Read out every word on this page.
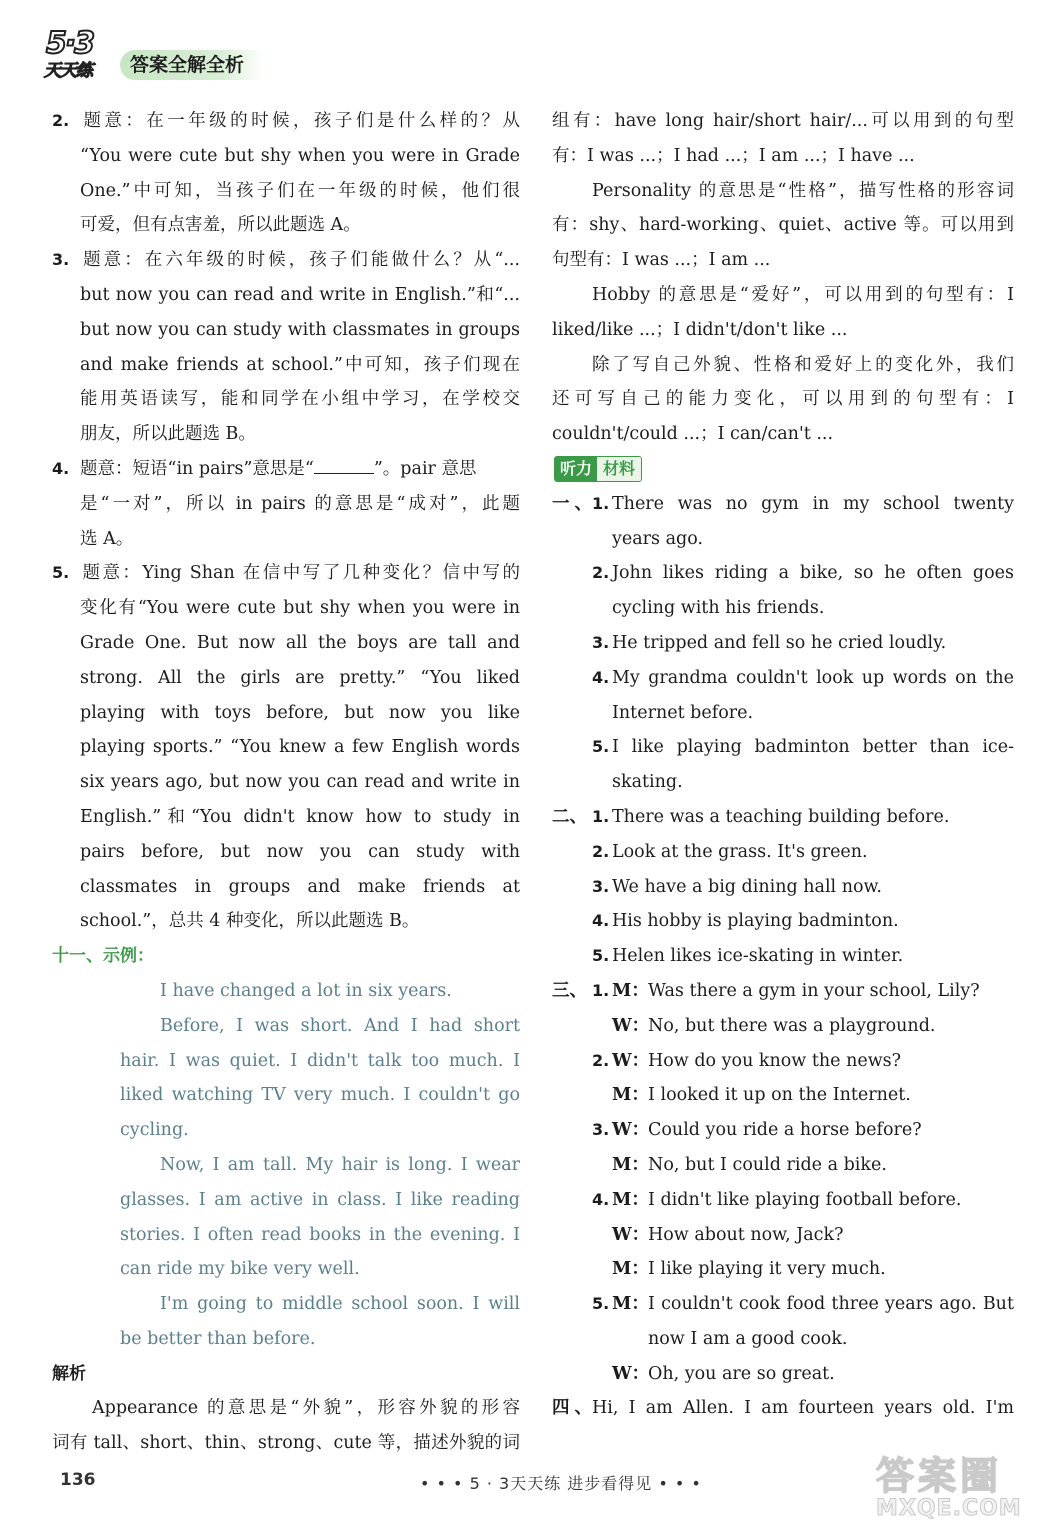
5·3
天天练	答案全解全析
2. 题意：在一年级的时候，孩子们是什么样的？从
“You were cute but shy when you were in Grade
One.”中可知，当孩子们在一年级的时候，他们很
可爱，但有点害羞，所以此题选 A。
3. 题意：在六年级的时候，孩子们能做什么？从“...
but now you can read and write in English.”和“...
but now you can study with classmates in groups
and make friends at school.”中可知，孩子们现在
能用英语读写，能和同学在小组中学习，在学校交
朋友，所以此题选 B。
4. 题意：短语“in pairs”意思是“	”。pair 意思
是“一对”，所以 in pairs 的意思是“成对”，此题
选 A。
5. 题意：Ying Shan 在信中写了几种变化？信中写的
变化有“You were cute but shy when you were in
Grade One. But now all the boys are tall and
strong. All the girls are pretty.” “You liked
playing with toys before, but now you like
playing sports.” “You knew a few English words
six years ago, but now you can read and write in
English.”和“You didn't know how to study in
pairs before, but now you can study with
classmates in groups and make friends at
school.”，总共 4 种变化，所以此题选 B。
十一、示例：
I have changed a lot in six years.
Before, I was short. And I had short
hair. I was quiet. I didn't talk too much. I
liked watching TV very much. I couldn't go
cycling.
Now, I am tall. My hair is long. I wear
glasses. I am active in class. I like reading
stories. I often read books in the evening. I
can ride my bike very well.
I'm going to middle school soon. I will
be better than before.
解析
Appearance 的意思是“外貌”，形容外貌的形容
词有 tall、short、thin、strong、cute 等，描述外貌的词
组有：have long hair/short hair/...可以用到的句型
有：I was ...；I had ...；I am ...；I have ...
Personality 的意思是“性格”，描写性格的形容词
有：shy、hard-working、quiet、active 等。可以用到
句型有：I was ...；I am ...
Hobby 的意思是“爱好”，可以用到的句型有：I
liked/like ...；I didn't/don't like ...
除了写自己外貌、性格和爱好上的变化外，我们
还可写自己的能力变化，可以用到的句型有：I
couldn't/could ...；I can/can't ...
听力 材料
一、1. There was no gym in my school twenty
years ago.
2. John likes riding a bike, so he often goes
cycling with his friends.
3. He tripped and fell so he cried loudly.
4. My grandma couldn't look up words on the
Internet before.
5. I like playing badminton better than ice-
skating.
二、 1. There was a teaching building before.
2. Look at the grass. It's green.
3. We have a big dining hall now.
4. His hobby is playing badminton.
5. Helen likes ice-skating in winter.
三、 1. M：Was there a gym in your school, Lily?
W：No, but there was a playground.
2. W：How do you know the news?
M：I looked it up on the Internet.
3. W：Could you ride a horse before?
M：No, but I could ride a bike.
4. M：I didn't like playing football before.
W：How about now, Jack?
M：I like playing it very much.
5. M：I couldn't cook food three years ago. But
now I am a good cook.
W：Oh, you are so great.
四、Hi, I am Allen. I am fourteen years old. I'm
136	• • • 5 · 3天天练 进步看得见 • • •	答案圈
MXQE.COM
